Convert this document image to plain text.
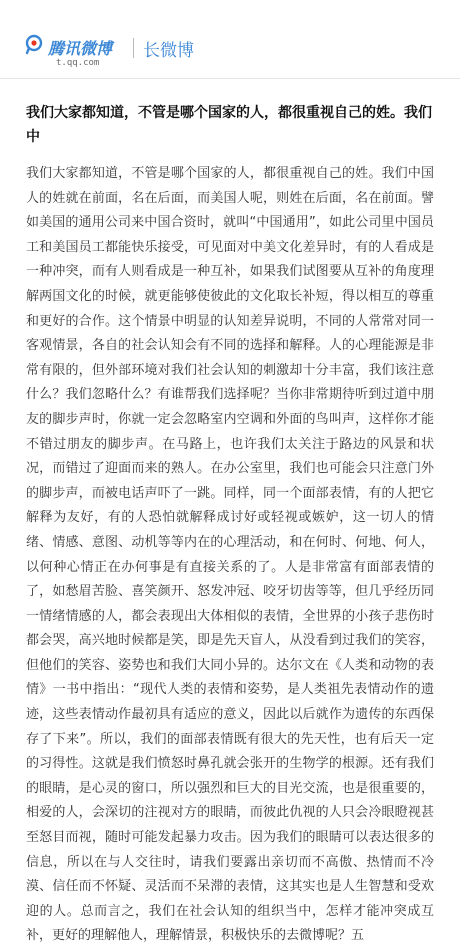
腾讯微博
t.qq.com
长微博
我们大家都知道，不管是哪个国家的人，都很重视自己的姓。我们中
我们大家都知道，不管是哪个国家的人，都很重视自己的姓。我们中国人的姓就在前面，名在后面，而美国人呢，则姓在后面，名在前面。譬如美国的通用公司来中国合资时，就叫“中国通用”，如此公司里中国员工和美国员工都能快乐接受，可见面对中美文化差异时，有的人看成是一种冲突，而有人则看成是一种互补，如果我们试图要从互补的角度理解两国文化的时候，就更能够使彼此的文化取长补短，得以相互的尊重和更好的合作。这个情景中明显的认知差异说明，不同的人常常对同一客观情景，各自的社会认知会有不同的选择和解释。人的心理能源是非常有限的，但外部环境对我们社会认知的刺激却十分丰富，我们该注意什么？我们忽略什么？有谁帮我们选择呢？当你非常期待听到过道中朋友的脚步声时，你就一定会忽略室内空调和外面的鸟叫声，这样你才能不错过朋友的脚步声。在马路上，也许我们太关注于路边的风景和状况，而错过了迎面而来的熟人。在办公室里，我们也可能会只注意门外的脚步声，而被电话声吓了一跳。同样，同一个面部表情，有的人把它解释为友好，有的人恐怕就解释成讨好或轻视或嫉妒，这一切人的情绪、情感、意图、动机等等内在的心理活动，和在何时、何地、何人，以何种心情正在办何事是有直接关系的了。人是非常富有面部表情的了，如愁眉苦脸、喜笑颜开、怒发冲冠、咬牙切齿等等，但几乎经历同一情绪情感的人，都会表现出大体相似的表情，全世界的小孩子悲伤时都会哭，高兴地时候都是笑，即是先天盲人，从没看到过我们的笑容，但他们的笑容、姿势也和我们大同小异的。达尔文在《人类和动物的表情》一书中指出：“现代人类的表情和姿势，是人类祖先表情动作的遗迹，这些表情动作最初具有适应的意义，因此以后就作为遗传的东西保存了下来”。所以，我们的面部表情既有很大的先天性，也有后天一定的习得性。这就是我们愤怒时鼻孔就会张开的生物学的根源。还有我们的眼睛，是心灵的窗口，所以强烈和巨大的目光交流，也是很重要的，相爱的人，会深切的注视对方的眼睛，而彼此仇视的人只会冷眼瞪视甚至怒目而视，随时可能发起暴力攻击。因为我们的眼睛可以表达很多的信息，所以在与人交往时，请我们要露出亲切而不高傲、热情而不冷漠、信任而不怀疑、灵活而不呆滞的表情，这其实也是人生智慧和受欢迎的人。总而言之，我们在社会认知的组织当中，怎样才能冲突成互补，更好的理解他人，理解情景，积极快乐的去微博呢？五
